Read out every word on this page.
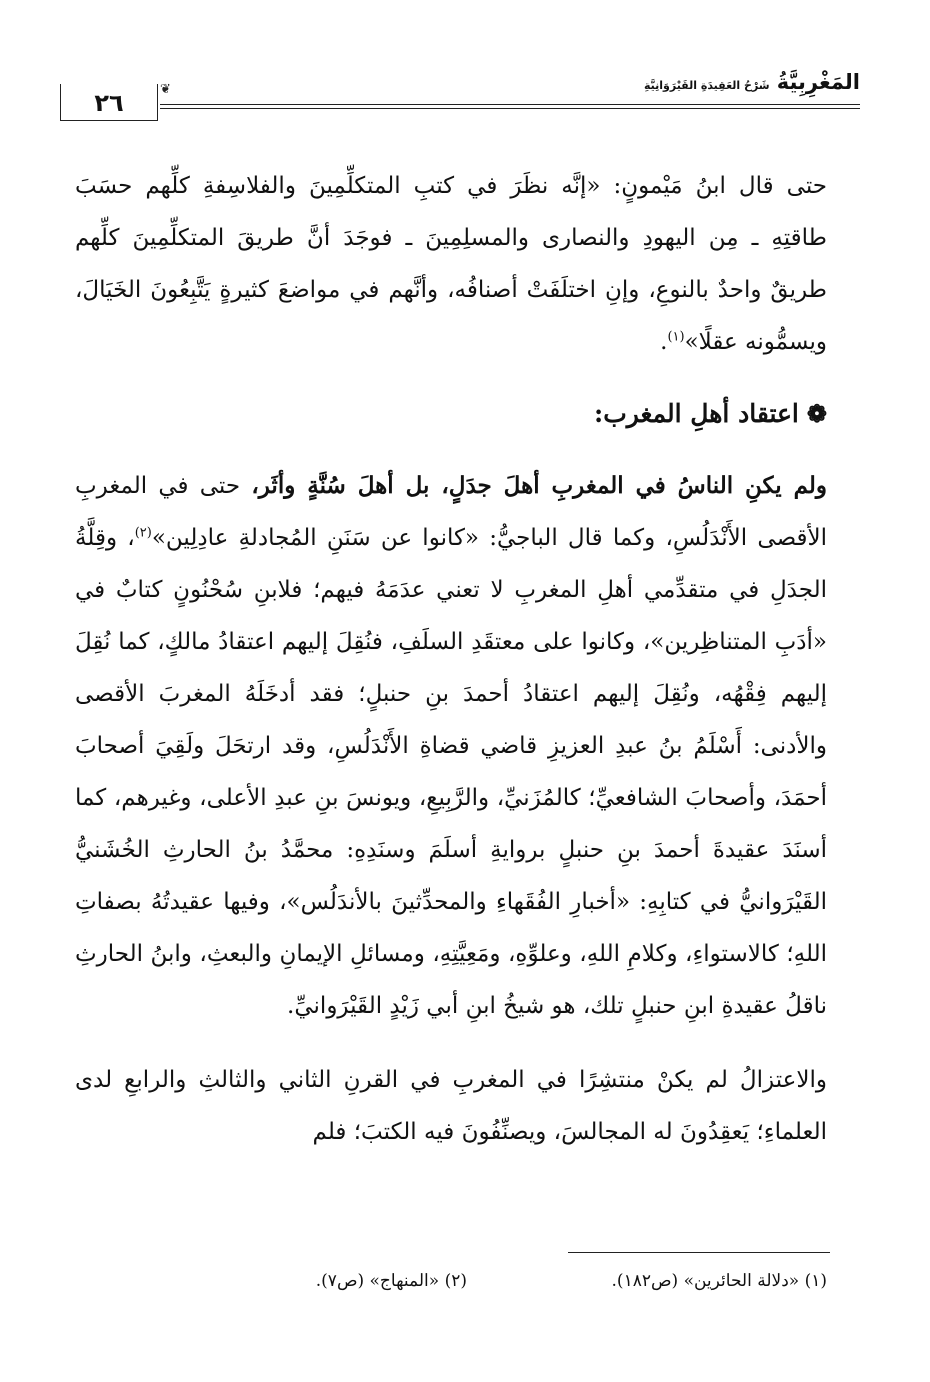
المَغْرِبِيَّةُ شَرْحُ العَقِيدَةِ القَيْرَوَانِيَّةِ
❦
٢٦

حتى قال ابنُ مَيْمونٍ: «إنَّه نظَرَ في كتبِ المتكلِّمِينَ والفلاسِفةِ كلِّهم حسَبَ طاقتِهِ ـ مِن اليهودِ والنصارى والمسلِمِينَ ـ فوجَدَ أنَّ طريقَ المتكلِّمِينَ كلِّهم طريقٌ واحدٌ بالنوعِ، وإنِ اختلَفَتْ أصنافُه، وأنَّهم في مواضعَ كثيرةٍ يَتَّبِعُونَ الخَيَالَ، ويسمُّونه عقلًا»$^{(١)}$.

❁اعتقاد أهلِ المغرب:

ولم يكنِ الناسُ في المغربِ أهلَ جدَلٍ، بل أهلَ سُنَّةٍ وأثَر، حتى في المغربِ الأقصى الأَنْدَلُسِ، وكما قال الباجيُّ: «كانوا عن سَنَنِ المُجادلةِ عادِلِين»$^{(٢)}$، وقِلَّةُ الجدَلِ في متقدِّمي أهلِ المغربِ لا تعني عدَمَهُ فيهم؛ فلابنِ سُحْنُونٍ كتابٌ في «أدَبِ المتناظِرين»، وكانوا على معتقَدِ السلَفِ، فنُقِلَ إليهم اعتقادُ مالكٍ، كما نُقِلَ إليهم فِقْهُه، ونُقِلَ إليهم اعتقادُ أحمدَ بنِ حنبلٍ؛ فقد أدخَلَهُ المغربَ الأقصى والأدنى: أَسْلَمُ بنُ عبدِ العزيزِ قاضي قضاةِ الأَنْدَلُسِ، وقد ارتحَلَ ولَقِيَ أصحابَ أحمَدَ، وأصحابَ الشافعيِّ؛ كالمُزَنيِّ، والرَّبِيعِ، ويونسَ بنِ عبدِ الأعلى، وغيرهم، كما أسنَدَ عقيدةَ أحمدَ بنِ حنبلٍ بروايةِ أسلَمَ وسنَدِهِ: محمَّدُ بنُ الحارثِ الخُشَنيُّ القَيْرَوانيُّ في كتابِهِ: «أخبارِ الفُقَهاءِ والمحدِّثينَ بالأندَلُس»، وفيها عقيدتُهُ بصفاتِ اللهِ؛ كالاستواءِ، وكلامِ اللهِ، وعلوِّهِ، ومَعِيَّتِهِ، ومسائلِ الإيمانِ والبعثِ، وابنُ الحارثِ ناقلُ عقيدةِ ابنِ حنبلٍ تلك، هو شيخُ ابنِ أبي زَيْدٍ القَيْرَوانيِّ.

والاعتزالُ لم يكنْ منتشِرًا في المغربِ في القرنِ الثاني والثالثِ والرابعِ لدى العلماءِ؛ يَعقِدُونَ له المجالسَ، ويصنِّفُونَ فيه الكتبَ؛ فلم

(١) «دلالة الحائرين» (ص١٨٢).(٢) «المنهاج» (ص٧).
